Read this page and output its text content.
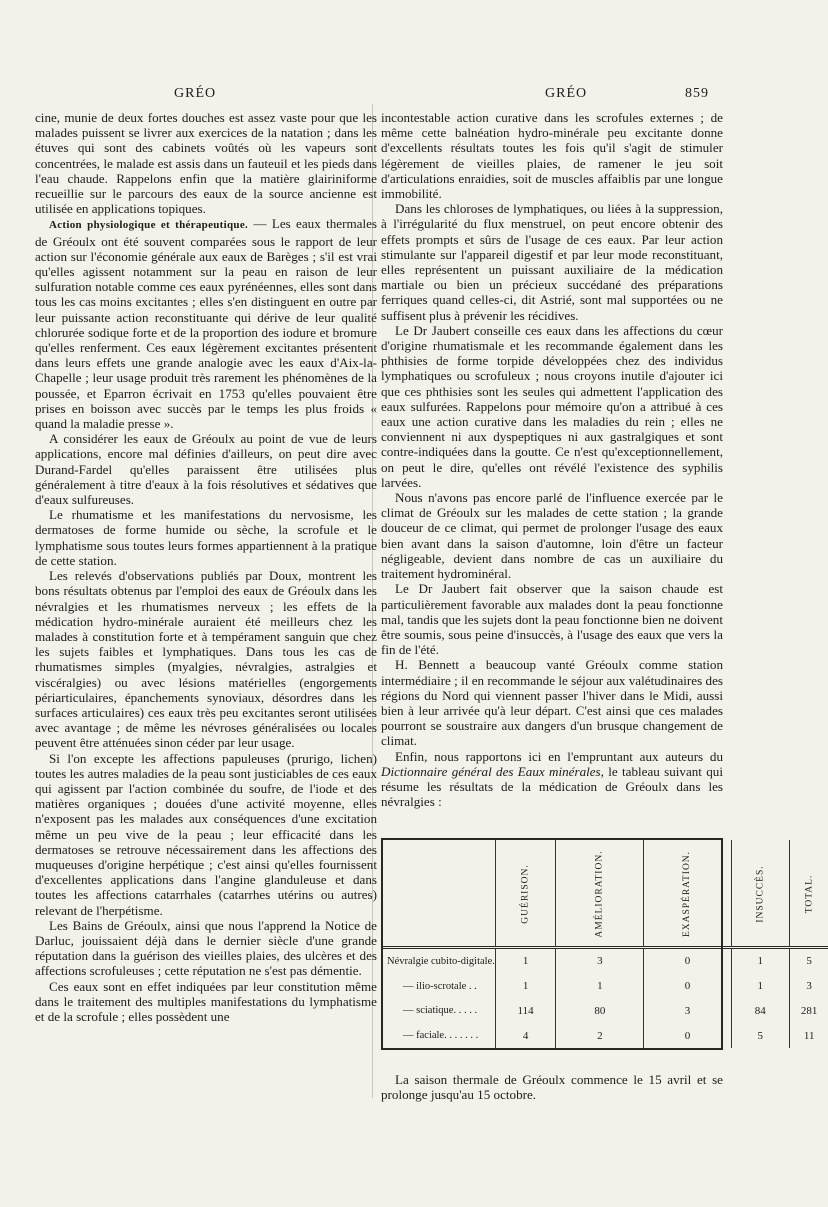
GRÉO	GRÉO	859

cine, munie de deux fortes douches est assez vaste pour que les malades puissent se livrer aux exercices de la natation ; dans les étuves qui sont des cabinets voûtés où les vapeurs sont concentrées, le malade est assis dans un fauteuil et les pieds dans l'eau chaude. Rappelons enfin que la matière glairiniforme recueillie sur le parcours des eaux de la source ancienne est utilisée en applications topiques.

Action physiologique et thérapeutique. — Les eaux thermales de Gréoulx ont été souvent comparées sous le rapport de leur action sur l'économie générale aux eaux de Barèges ; s'il est vrai qu'elles agissent notamment sur la peau en raison de leur sulfuration notable comme ces eaux pyrénéennes, elles sont dans tous les cas moins excitantes ; elles s'en distinguent en outre par leur puissante action reconstituante qui dérive de leur qualité chlorurée sodique forte et de la proportion des iodure et bromure qu'elles renferment. Ces eaux légèrement excitantes présentent dans leurs effets une grande analogie avec les eaux d'Aix-la-Chapelle ; leur usage produit très rarement les phénomènes de la poussée, et Eparron écrivait en 1753 qu'elles pouvaient être prises en boisson avec succès par le temps les plus froids « quand la maladie presse ».

A considérer les eaux de Gréoulx au point de vue de leurs applications, encore mal définies d'ailleurs, on peut dire avec Durand-Fardel qu'elles paraissent être utilisées plus généralement à titre d'eaux à la fois résolutives et sédatives que d'eaux sulfureuses.

Le rhumatisme et les manifestations du nervosisme, les dermatoses de forme humide ou sèche, la scrofule et le lymphatisme sous toutes leurs formes appartiennent à la pratique de cette station.

Les relevés d'observations publiés par Doux, montrent les bons résultats obtenus par l'emploi des eaux de Gréoulx dans les névralgies et les rhumatismes nerveux ; les effets de la médication hydro-minérale auraient été meilleurs chez les malades à constitution forte et à tempérament sanguin que chez les sujets faibles et lymphatiques. Dans tous les cas de rhumatismes simples (myalgies, névralgies, astralgies et viscéralgies) ou avec lésions matérielles (engorgements périarticulaires, épanchements synoviaux, désordres dans les surfaces articulaires) ces eaux très peu excitantes seront utilisées avec avantage ; de même les névroses généralisées ou locales peuvent être atténuées sinon céder par leur usage.

Si l'on excepte les affections papuleuses (prurigo, lichen) toutes les autres maladies de la peau sont justiciables de ces eaux qui agissent par l'action combinée du soufre, de l'iode et des matières organiques ; douées d'une activité moyenne, elles n'exposent pas les malades aux conséquences d'une excitation même un peu vive de la peau ; leur efficacité dans les dermatoses se retrouve nécessairement dans les affections des muqueuses d'origine herpétique ; c'est ainsi qu'elles fournissent d'excellentes applications dans l'angine glanduleuse et dans toutes les affections catarrhales (catarrhes utérins ou autres) relevant de l'herpétisme.

Les Bains de Gréoulx, ainsi que nous l'apprend la Notice de Darluc, jouissaient déjà dans le dernier siècle d'une grande réputation dans la guérison des vieilles plaies, des ulcères et des affections scrofuleuses ; cette réputation ne s'est pas démentie.

Ces eaux sont en effet indiquées par leur constitution même dans le traitement des multiples manifestations du lymphatisme et de la scrofule ; elles possèdent une

incontestable action curative dans les scrofules externes ; de même cette balnéation hydro-minérale peu excitante donne d'excellents résultats toutes les fois qu'il s'agit de stimuler légèrement de vieilles plaies, de ramener le jeu soit d'articulations enraidies, soit de muscles affaiblis par une longue immobilité.

Dans les chloroses de lymphatiques, ou liées à la suppression, à l'irrégularité du flux menstruel, on peut encore obtenir des effets prompts et sûrs de l'usage de ces eaux. Par leur action stimulante sur l'appareil digestif et par leur mode reconstituant, elles représentent un puissant auxiliaire de la médication martiale ou bien un précieux succédané des préparations ferriques quand celles-ci, dit Astrié, sont mal supportées ou ne suffisent plus à prévenir les récidives.

Le Dr Jaubert conseille ces eaux dans les affections du cœur d'origine rhumatismale et les recommande également dans les phthisies de forme torpide développées chez des individus lymphatiques ou scrofuleux ; nous croyons inutile d'ajouter ici que ces phthisies sont les seules qui admettent l'application des eaux sulfurées. Rappelons pour mémoire qu'on a attribué à ces eaux une action curative dans les maladies du rein ; elles ne conviennent ni aux dyspeptiques ni aux gastralgiques et sont contre-indiquées dans la goutte. Ce n'est qu'exceptionnellement, on peut le dire, qu'elles ont révélé l'existence des syphilis larvées.

Nous n'avons pas encore parlé de l'influence exercée par le climat de Gréoulx sur les malades de cette station ; la grande douceur de ce climat, qui permet de prolonger l'usage des eaux bien avant dans la saison d'automne, loin d'être un facteur négligeable, devient dans nombre de cas un auxiliaire du traitement hydrominéral.

Le Dr Jaubert fait observer que la saison chaude est particulièrement favorable aux malades dont la peau fonctionne mal, tandis que les sujets dont la peau fonctionne bien ne doivent être soumis, sous peine d'insuccès, à l'usage des eaux que vers la fin de l'été.

H. Bennett a beaucoup vanté Gréoulx comme station intermédiaire ; il en recommande le séjour aux valétudinaires des régions du Nord qui viennent passer l'hiver dans le Midi, aussi bien à leur arrivée qu'à leur départ. C'est ainsi que ces malades pourront se soustraire aux dangers d'un brusque changement de climat.

Enfin, nous rapportons ici en l'empruntant aux auteurs du Dictionnaire général des Eaux minérales, le tableau suivant qui résume les résultats de la médication de Gréoulx dans les névralgies :

	GUÉRISON.	AMÉLIORATION.	EXASPÉRATION.	INSUCCÈS.	TOTAL.
Névralgie cubito-digitale.	1	3	0	1	5
— ilio-scrotale . .	1	1	0	1	3
— sciatique. . . . .	114	80	3	84	281
— faciale. . . . . . .	4	2	0	5	11

La saison thermale de Gréoulx commence le 15 avril et se prolonge jusqu'au 15 octobre.
